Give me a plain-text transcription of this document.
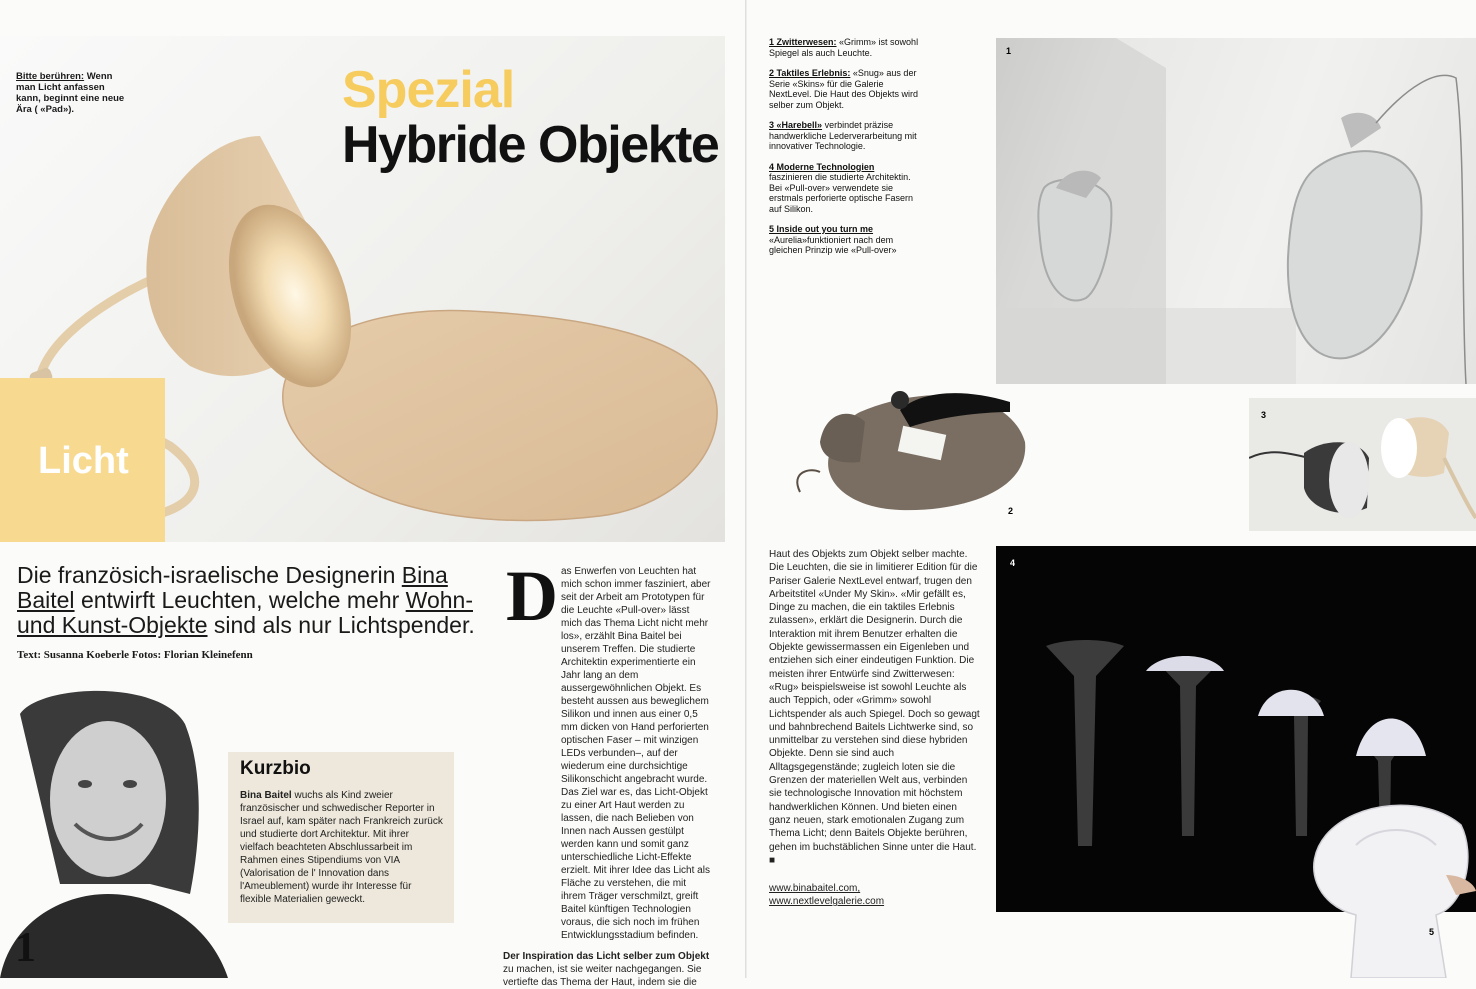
Licht
Bitte berühren: Wenn man Licht anfassen kann, beginnt eine neue Ära ( «Pad»).	Spezial
Hybride Objekte
Die französich-israelische Designerin Bina Baitel entwirft Leuchten, welche mehr Wohn- und Kunst-Objekte sind als nur Lichtspender. Text: Susanna Koeberle Fotos: Florian Kleinefenn
Kurzbio
Bina Baitel wuchs als Kind zweier französischer und schwedischer Reporter in Israel auf, kam später nach Frankreich zurück und studierte dort Architektur. Mit ihrer vielfach beachteten Abschlussarbeit im Rahmen eines Stipendiums von VIA (Valorisation de l' Innovation dans l'Ameublement) wurde ihr Interesse für flexible Materialien geweckt.
1
D as Enwerfen von Leuchten hat mich schon immer fasziniert, aber seit der Arbeit am Prototypen für die Leuchte «Pull-over» lässt mich das Thema Licht nicht mehr los», erzählt Bina Baitel bei unserem Treffen. Die studierte Architektin experimentierte ein Jahr lang an dem aussergewöhnlichen Objekt. Es besteht aussen aus beweglichem Silikon und innen aus einer 0,5 mm dicken von Hand perforierten optischen Faser – mit winzigen LEDs verbunden–, auf der wiederum eine durchsichtige Silikonschicht angebracht wurde. Das Ziel war es, das Licht-Objekt zu einer Art Haut werden zu lassen, die nach Belieben von Innen nach Aussen gestülpt werden kann und somit ganz unterschiedliche Licht-Effekte erzielt. Mit ihrer Idee das Licht als Fläche zu verstehen, die mit ihrem Träger verschmilzt, greift Baitel künftigen Technologien voraus, die sich noch im frühen Entwicklungsstadium befinden.
Der Inspiration das Licht selber zum Objekt
zu machen, ist sie weiter nachgegangen. Sie vertiefte das Thema der Haut, indem sie die

1 Zwitterwesen: «Grimm» ist sowohl Spiegel als auch Leuchte.

2 Taktiles Erlebnis: «Snug» aus der Serie «Skins» für die Galerie NextLevel. Die Haut des Objekts wird selber zum Objekt.

3 «Harebell» verbindet präzise handwerkliche Lederverarbeitung mit innovativer Technologie.

4 Moderne Technologien faszinieren die studierte Architektin. Bei «Pull-over» verwendete sie erstmals perforierte optische Fasern auf Silikon.

5 Inside out you turn me «Aurelia»funktioniert nach dem gleichen Prinzip wie «Pull-over»

1
2
3
4
5
Haut des Objekts zum Objekt selber machte. Die Leuchten, die sie in limitierer Edition für die Pariser Galerie NextLevel entwarf, trugen den Arbeitstitel «Under My Skin». «Mir gefällt es, Dinge zu machen, die ein taktiles Erlebnis zulassen», erklärt die Designerin. Durch die Interaktion mit ihrem Benutzer erhalten die Objekte gewissermassen ein Eigenleben und entziehen sich einer eindeutigen Funktion. Die meisten ihrer Entwürfe sind Zwitterwesen: «Rug» beispielsweise ist sowohl Leuchte als auch Teppich, oder «Grimm» sowohl Lichtspender als auch Spiegel. Doch so gewagt und bahnbrechend Baitels Lichtwerke sind, so unmittelbar zu verstehen sind diese hybriden Objekte. Denn sie sind auch Alltagsgegenstände; zugleich loten sie die Grenzen der materiellen Welt aus, verbinden sie technologische Innovation mit höchstem handwerklichen Können. Und bieten einen ganz neuen, stark emotionalen Zugang zum Thema Licht; denn Baitels Objekte berühren, gehen im buchstäblichen Sinne unter die Haut. ■
www.binabaitel.com,
www.nextlevelgalerie.com
